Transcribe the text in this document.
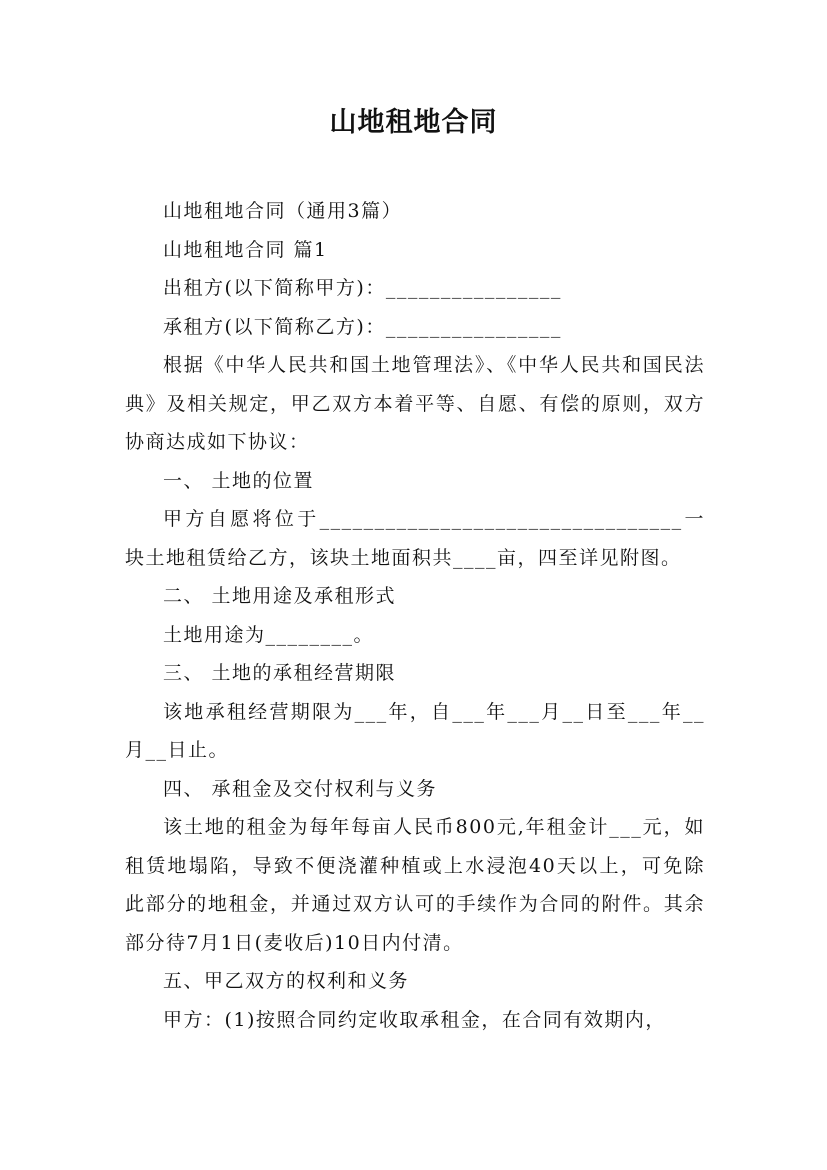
山地租地合同

山地租地合同（通用3篇）

山地租地合同 篇1

出租方(以下简称甲方)：________________

承租方(以下简称乙方)：________________

根据《中华人民共和国土地管理法》、《中华人民共和国民法典》及相关规定，甲乙双方本着平等、自愿、有偿的原则，双方协商达成如下协议：

一、 土地的位置

甲方自愿将位于_________________________________一块土地租赁给乙方，该块土地面积共____亩，四至详见附图。

二、 土地用途及承租形式

土地用途为________。

三、 土地的承租经营期限

该地承租经营期限为___年，自___年___月__日至___年__月__日止。

四、 承租金及交付权利与义务

该土地的租金为每年每亩人民币800元,年租金计___元，如租赁地塌陷，导致不便浇灌种植或上水浸泡40天以上，可免除此部分的地租金，并通过双方认可的手续作为合同的附件。其余部分待7月1日(麦收后)10日内付清。

五、甲乙双方的权利和义务

甲方：(1)按照合同约定收取承租金，在合同有效期内，
